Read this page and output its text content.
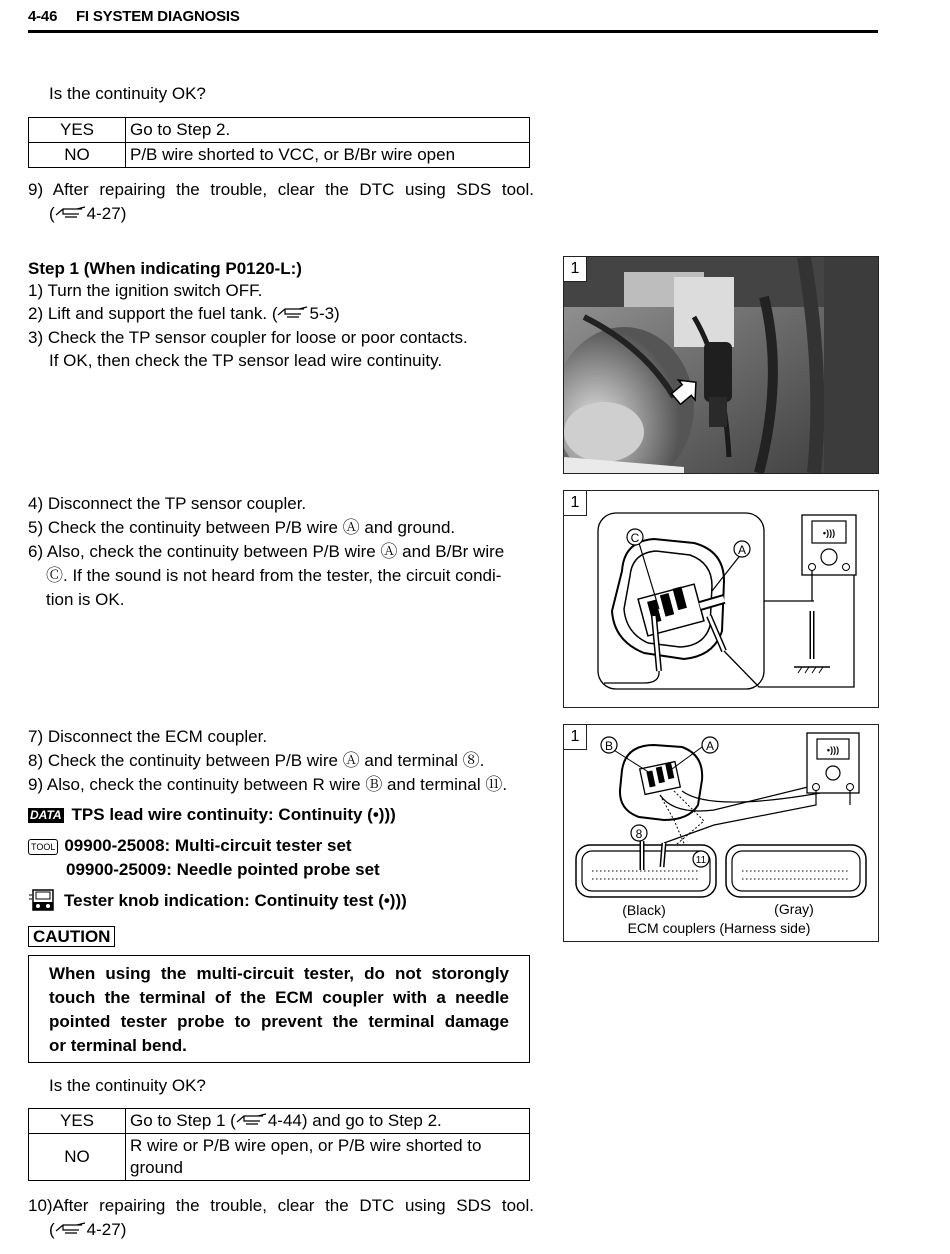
4-46 FI SYSTEM DIAGNOSIS
Is the continuity OK?
YES	Go to Step 2.
NO	P/B wire shorted to VCC, or B/Br wire open
9) After repairing the trouble, clear the DTC using SDS tool.
( 4-27)
Step 1 (When indicating P0120-L:)
1) Turn the ignition switch OFF.
2) Lift and support the fuel tank. ( 5-3)
3) Check the TP sensor coupler for loose or poor contacts.
If OK, then check the TP sensor lead wire continuity.
4) Disconnect the TP sensor coupler.
5) Check the continuity between P/B wire Ⓐ and ground.
6) Also, check the continuity between P/B wire Ⓐ and B/Br wire
Ⓒ. If the sound is not heard from the tester, the circuit condi-
tion is OK.
7) Disconnect the ECM coupler.
8) Check the continuity between P/B wire Ⓐ and terminal ⑧.
9) Also, check the continuity between R wire Ⓑ and terminal ⑪.
DATA TPS lead wire continuity: Continuity (•)))
TOOL 09900-25008: Multi-circuit tester set
09900-25009: Needle pointed probe set
Tester knob indication: Continuity test (•)))
CAUTION
When using the multi-circuit tester, do not storongly
touch the terminal of the ECM coupler with a needle
pointed tester probe to prevent the terminal damage
or terminal bend.
Is the continuity OK?
YES	Go to Step 1 ( 4-44) and go to Step 2.
NO	R wire or P/B wire open, or P/B wire shorted to
ground
10)After repairing the trouble, clear the DTC using SDS tool.
( 4-27)
1
C
A
•)))
1
B	A	•)))
8
11
(Black)	(Gray)
ECM couplers (Harness side)
1
